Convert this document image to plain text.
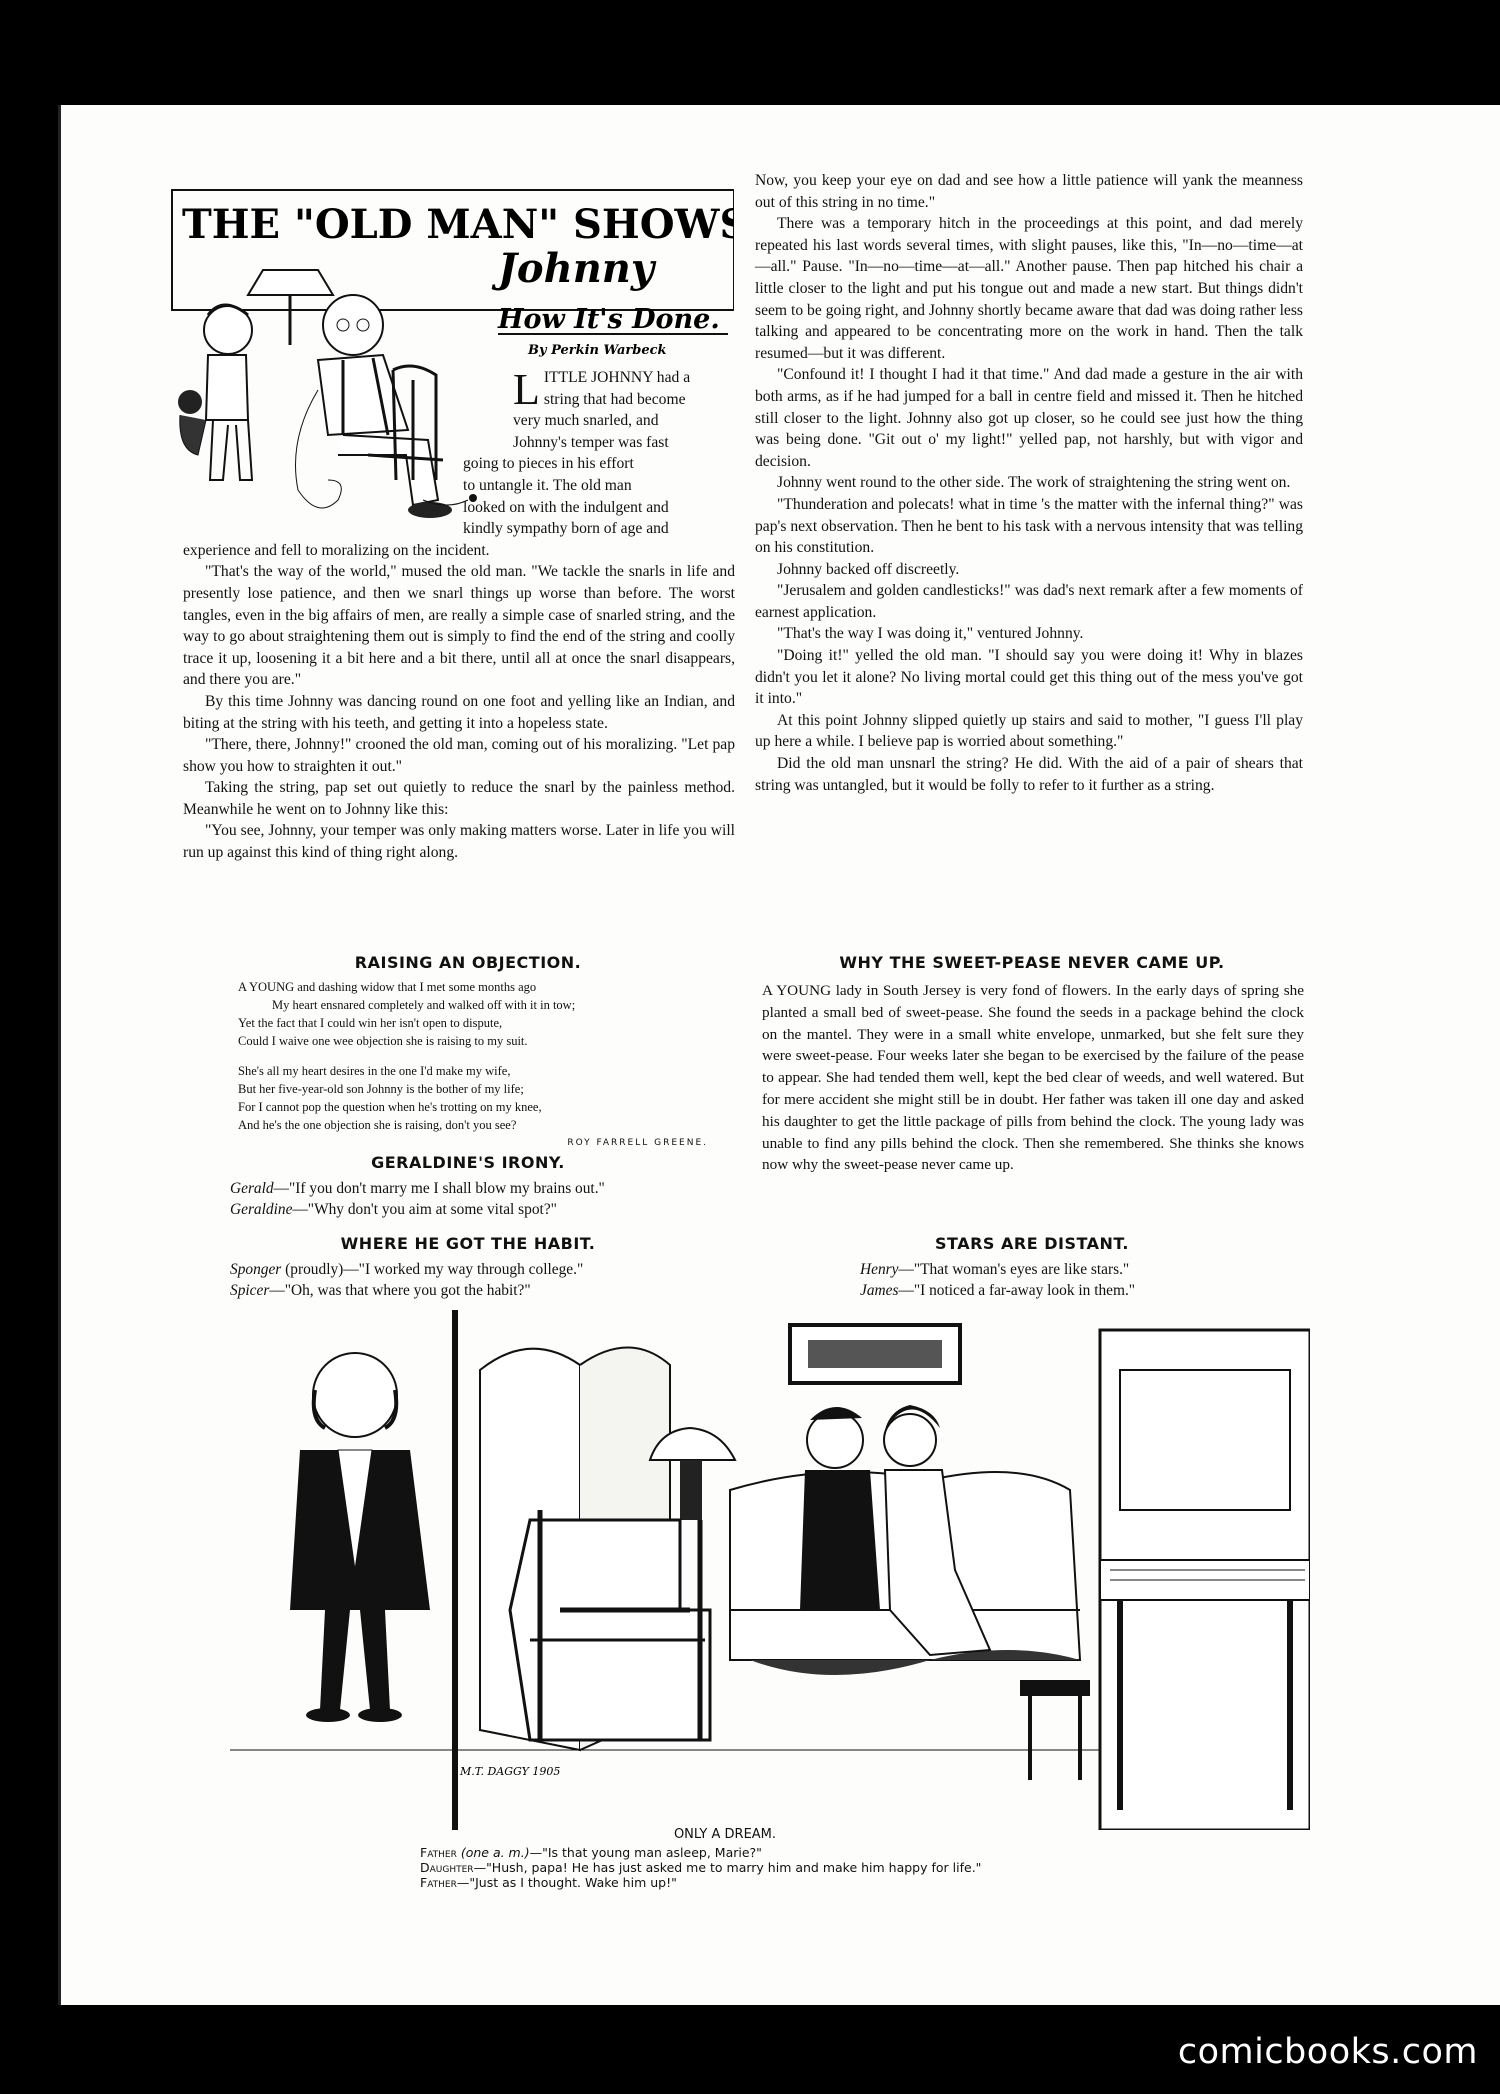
THE "OLD MAN" SHOWS
Johnny
How It's Done.
By Perkin Warbeck

LITTLE JOHNNY had a

string that had become

very much snarled, and

Johnny's temper was fast

going to pieces in his effort

to untangle it. The old man

looked on with the indulgent and

kindly sympathy born of age and

experience and fell to moralizing on the incident.

"That's the way of the world," mused the old man. "We tackle the snarls in life and presently lose patience, and then we snarl things up worse than before. The worst tangles, even in the big affairs of men, are really a simple case of snarled string, and the way to go about straightening them out is simply to find the end of the string and coolly trace it up, loosening it a bit here and a bit there, until all at once the snarl disappears, and there you are."

By this time Johnny was dancing round on one foot and yelling like an Indian, and biting at the string with his teeth, and getting it into a hopeless state.

"There, there, Johnny!" crooned the old man, coming out of his moralizing. "Let pap show you how to straighten it out."

Taking the string, pap set out quietly to reduce the snarl by the painless method. Meanwhile he went on to Johnny like this:

"You see, Johnny, your temper was only making matters worse. Later in life you will run up against this kind of thing right along.

Now, you keep your eye on dad and see how a little patience will yank the meanness out of this string in no time."

There was a temporary hitch in the proceedings at this point, and dad merely repeated his last words several times, with slight pauses, like this, "In—no—time—at—all." Pause. "In—no—time—at—all." Another pause. Then pap hitched his chair a little closer to the light and put his tongue out and made a new start. But things didn't seem to be going right, and Johnny shortly became aware that dad was doing rather less talking and appeared to be concentrating more on the work in hand. Then the talk resumed—but it was different.

"Confound it! I thought I had it that time." And dad made a gesture in the air with both arms, as if he had jumped for a ball in centre field and missed it. Then he hitched still closer to the light. Johnny also got up closer, so he could see just how the thing was being done. "Git out o' my light!" yelled pap, not harshly, but with vigor and decision.

Johnny went round to the other side. The work of straightening the string went on.

"Thunderation and polecats! what in time 's the matter with the infernal thing?" was pap's next observation. Then he bent to his task with a nervous intensity that was telling on his constitution.

Johnny backed off discreetly.

"Jerusalem and golden candlesticks!" was dad's next remark after a few moments of earnest application.

"That's the way I was doing it," ventured Johnny.

"Doing it!" yelled the old man. "I should say you were doing it! Why in blazes didn't you let it alone? No living mortal could get this thing out of the mess you've got it into."

At this point Johnny slipped quietly up stairs and said to mother, "I guess I'll play up here a while. I believe pap is worried about something."

Did the old man unsnarl the string? He did. With the aid of a pair of shears that string was untangled, but it would be folly to refer to it further as a string.

RAISING AN OBJECTION.
A YOUNG and dashing widow that I met some months ago
My heart ensnared completely and walked off with it in tow;
Yet the fact that I could win her isn't open to dispute,
Could I waive one wee objection she is raising to my suit.
She's all my heart desires in the one I'd make my wife,
But her five-year-old son Johnny is the bother of my life;
For I cannot pop the question when he's trotting on my knee,
And he's the one objection she is raising, don't you see?
ROY FARRELL GREENE.
GERALDINE'S IRONY.
Gerald—"If you don't marry me I shall blow my brains out."
Geraldine—"Why don't you aim at some vital spot?"
WHERE HE GOT THE HABIT.
Sponger (proudly)—"I worked my way through college."
Spicer—"Oh, was that where you got the habit?"
WHY THE SWEET-PEASE NEVER CAME UP.

A YOUNG lady in South Jersey is very fond of flowers. In the early days of spring she planted a small bed of sweet-pease. She found the seeds in a package behind the clock on the mantel. They were in a small white envelope, unmarked, but she felt sure they were sweet-pease. Four weeks later she began to be exercised by the failure of the pease to appear. She had tended them well, kept the bed clear of weeds, and well watered. But for mere accident she might still be in doubt. Her father was taken ill one day and asked his daughter to get the little package of pills from behind the clock. The young lady was unable to find any pills behind the clock. Then she remembered. She thinks she knows now why the sweet-pease never came up.

STARS ARE DISTANT.
Henry—"That woman's eyes are like stars."
James—"I noticed a far-away look in them."
M.T. DAGGY 1905
ONLY A DREAM.
Father (one a. m.)—"Is that young man asleep, Marie?"
Daughter—"Hush, papa! He has just asked me to marry him and make him happy for life."
Father—"Just as I thought. Wake him up!"
comicbooks.com
